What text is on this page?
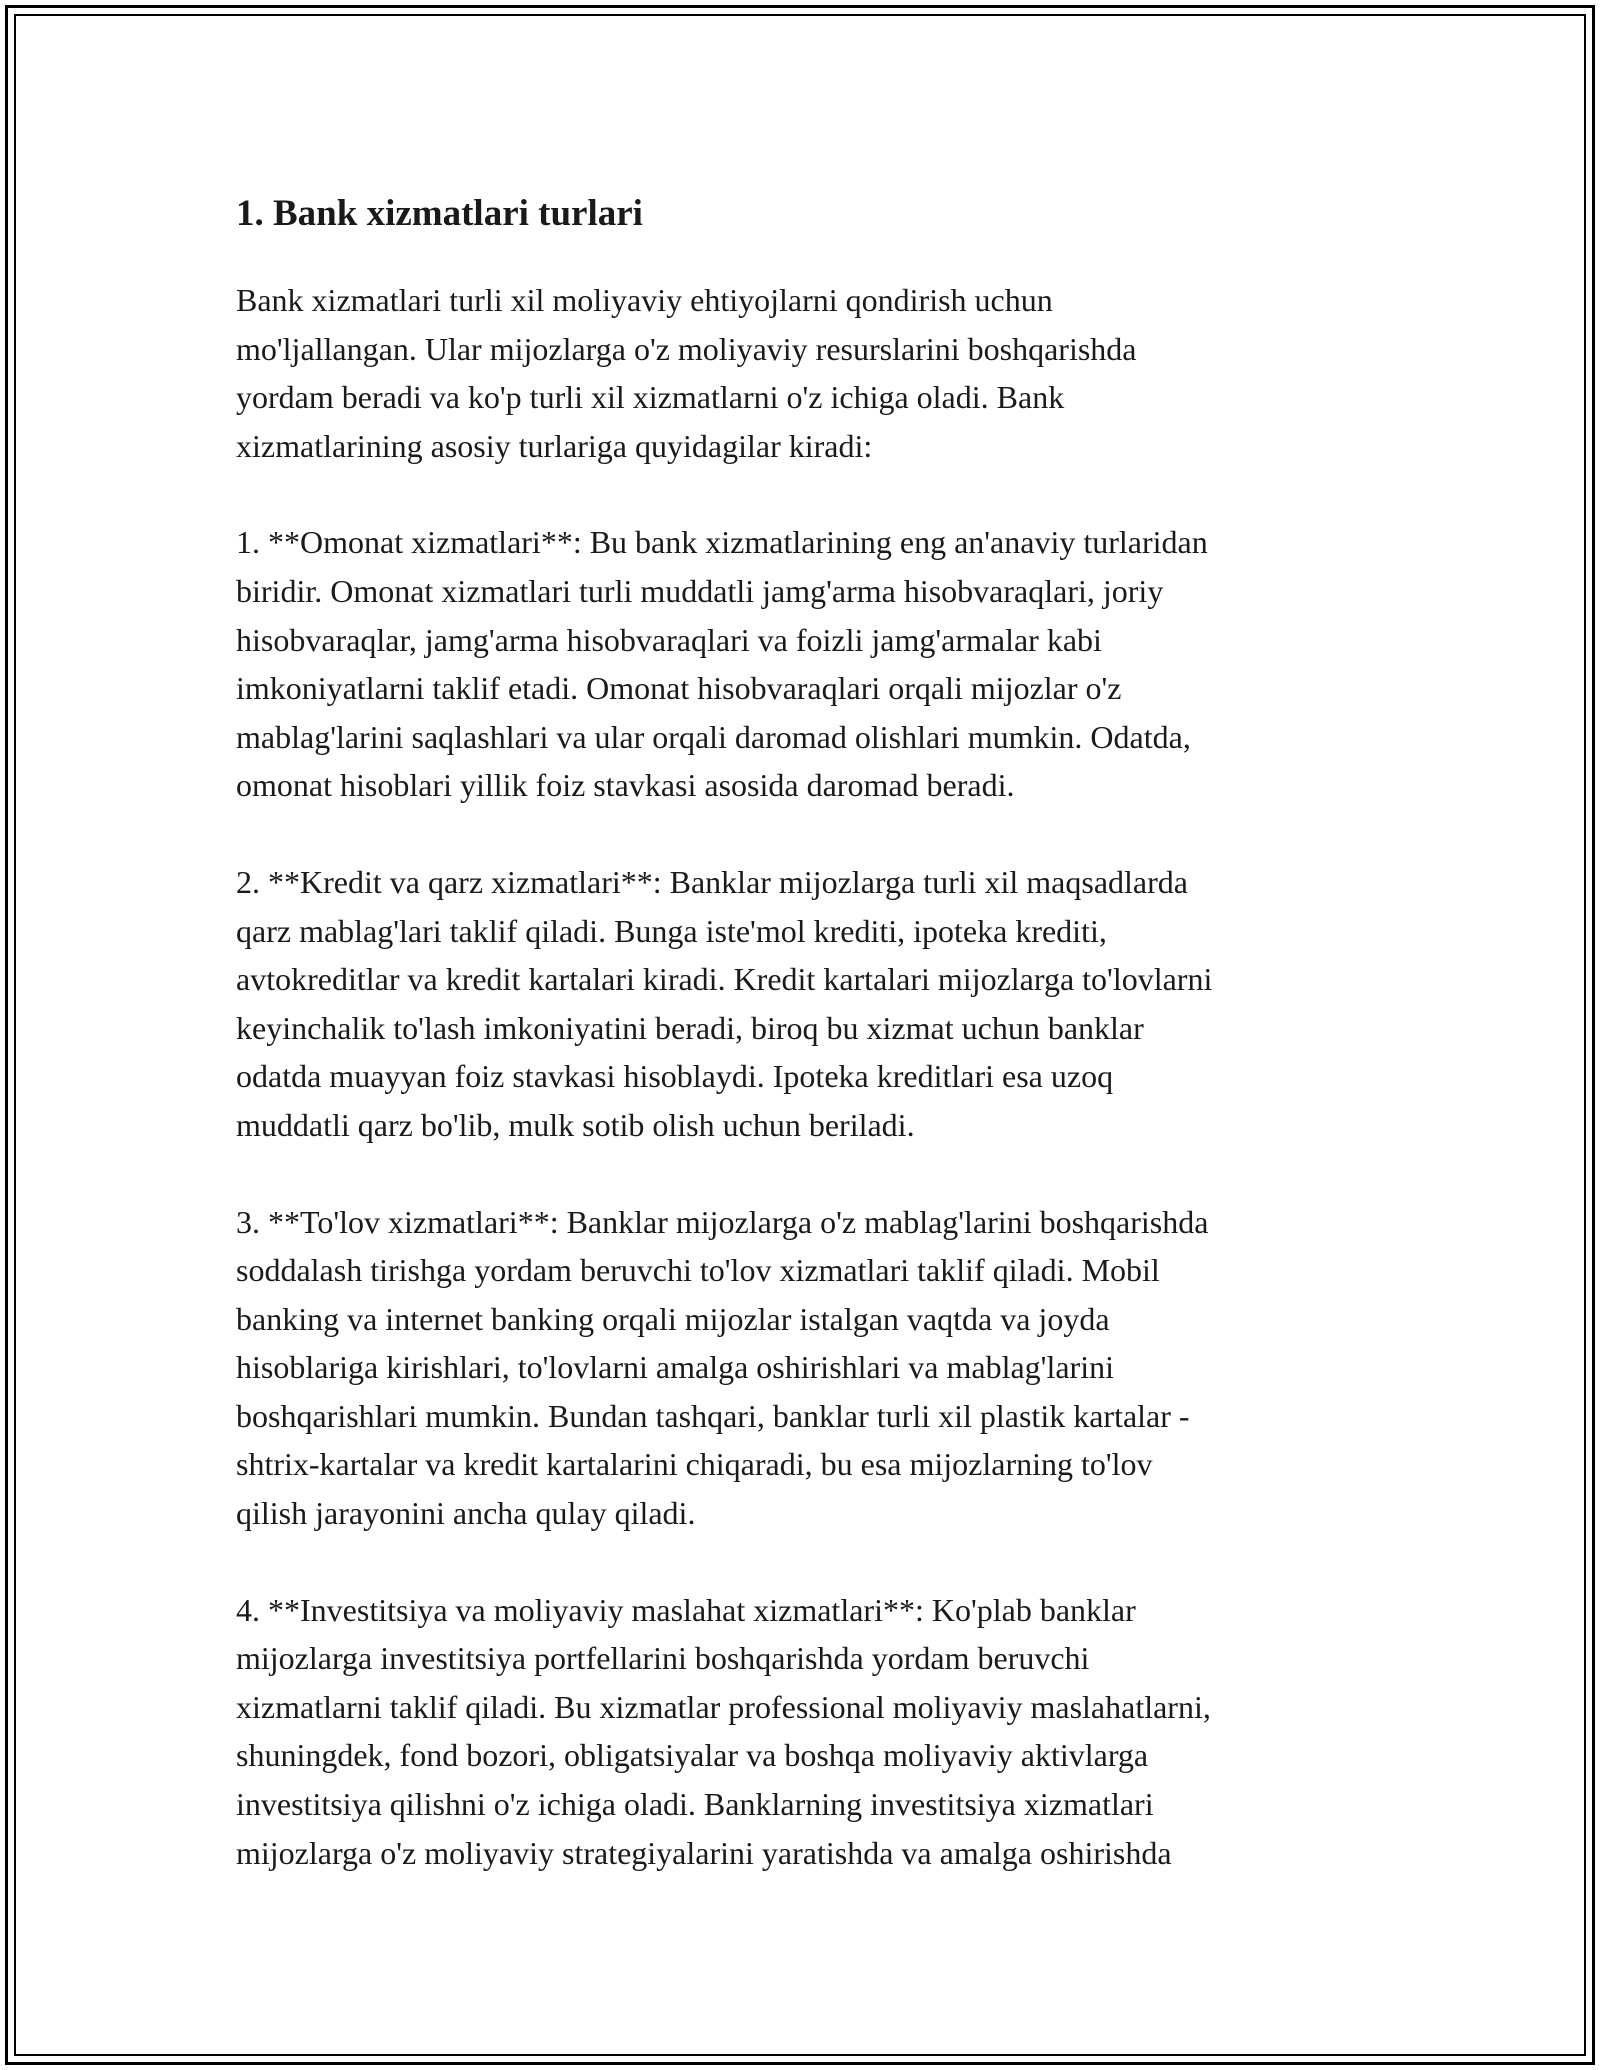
1. Bank xizmatlari turlari

Bank xizmatlari turli xil moliyaviy ehtiyojlarni qondirish uchun
mo'ljallangan. Ular mijozlarga o'z moliyaviy resurslarini boshqarishda
yordam beradi va ko'p turli xil xizmatlarni o'z ichiga oladi. Bank
xizmatlarining asosiy turlariga quyidagilar kiradi:

1. **Omonat xizmatlari**: Bu bank xizmatlarining eng an'anaviy turlaridan
biridir. Omonat xizmatlari turli muddatli jamg'arma hisobvaraqlari, joriy
hisobvaraqlar, jamg'arma hisobvaraqlari va foizli jamg'armalar kabi
imkoniyatlarni taklif etadi. Omonat hisobvaraqlari orqali mijozlar o'z
mablag'larini saqlashlari va ular orqali daromad olishlari mumkin. Odatda,
omonat hisoblari yillik foiz stavkasi asosida daromad beradi.

2. **Kredit va qarz xizmatlari**: Banklar mijozlarga turli xil maqsadlarda
qarz mablag'lari taklif qiladi. Bunga iste'mol krediti, ipoteka krediti,
avtokreditlar va kredit kartalari kiradi. Kredit kartalari mijozlarga to'lovlarni
keyinchalik to'lash imkoniyatini beradi, biroq bu xizmat uchun banklar
odatda muayyan foiz stavkasi hisoblaydi. Ipoteka kreditlari esa uzoq
muddatli qarz bo'lib, mulk sotib olish uchun beriladi.

3. **To'lov xizmatlari**: Banklar mijozlarga o'z mablag'larini boshqarishda
soddalash tirishga yordam beruvchi to'lov xizmatlari taklif qiladi. Mobil
banking va internet banking orqali mijozlar istalgan vaqtda va joyda
hisoblariga kirishlari, to'lovlarni amalga oshirishlari va mablag'larini
boshqarishlari mumkin. Bundan tashqari, banklar turli xil plastik kartalar -
shtrix-kartalar va kredit kartalarini chiqaradi, bu esa mijozlarning to'lov
qilish jarayonini ancha qulay qiladi.

4. **Investitsiya va moliyaviy maslahat xizmatlari**: Ko'plab banklar
mijozlarga investitsiya portfellarini boshqarishda yordam beruvchi
xizmatlarni taklif qiladi. Bu xizmatlar professional moliyaviy maslahatlarni,
shuningdek, fond bozori, obligatsiyalar va boshqa moliyaviy aktivlarga
investitsiya qilishni o'z ichiga oladi. Banklarning investitsiya xizmatlari
mijozlarga o'z moliyaviy strategiyalarini yaratishda va amalga oshirishda
